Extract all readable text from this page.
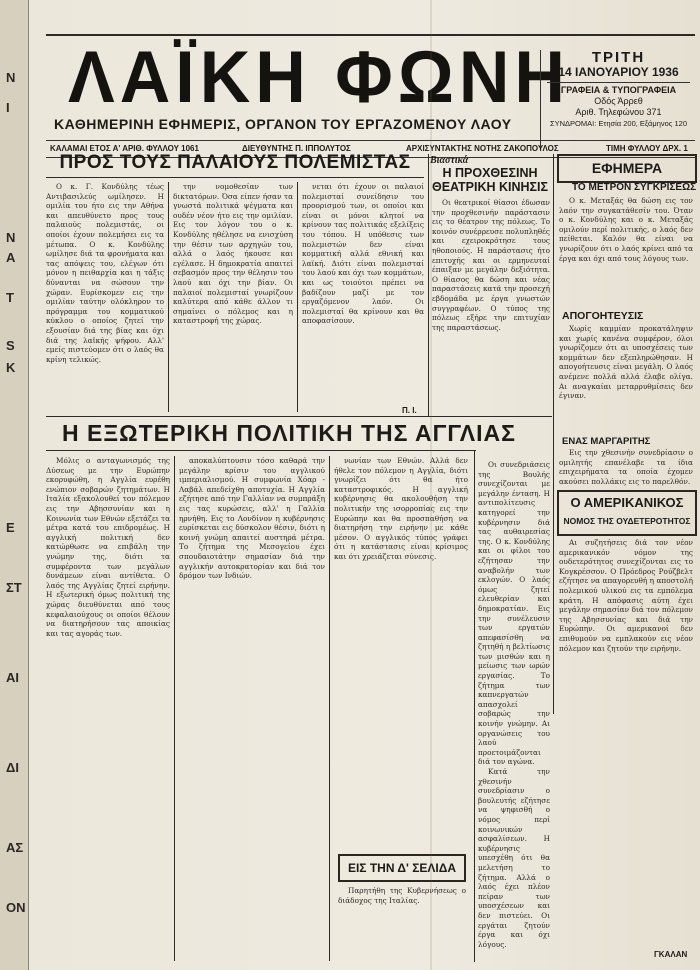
N
I
N
A
T
S
K
Ε
ΣΤ
ΑΙ
ΔΙ
ΑΣ
ΟΝ
ΛΑΪΚΗ ΦΩΝΗ
ΚΑΘΗΜΕΡΙΝΗ ΕΦΗΜΕΡΙΣ, ΟΡΓΑΝΟΝ ΤΟΥ ΕΡΓΑΖΟΜΕΝΟΥ ΛΑΟΥ
ΤΡΙΤΗ
14 ΙΑΝΟΥΑΡΙΟΥ 1936
ΓΡΑΦΕΙΑ & ΤΥΠΟΓΡΑΦΕΙΑ
Οδός Άρρεθ
Αριθ. Τηλεφώνου 371
ΣΥΝΔΡΟΜΑΙ: Ετησία 200, Εξάμηνος 120
ΚΑΛΑΜΑΙ ΕΤΟΣ Α' ΑΡΙΘ. ΦΥΛΛΟΥ 1061	ΔΙΕΥΘΥΝΤΗΣ Π. ΙΠΠΟΛΥΤΟΣ	ΑΡΧΙΣΥΝΤΑΚΤΗΣ ΝΟΤΗΣ ΖΑΚΟΠΟΥΛΟΣ	ΤΙΜΗ ΦΥΛΛΟΥ ΔΡΧ. 1
ΠΡΟΣ ΤΟΥΣ ΠΑΛΑΙΟΥΣ ΠΟΛΕΜΙΣΤΑΣ

Ο κ. Γ. Κονδύλης τέως Αντιβασιλεύς ωμίλησεν. Η ομιλία του ήτο εις την Αθήνα και απευθύνετο προς τους παλαιούς πολεμιστάς, οι οποίοι έχουν πολεμήσει εις τα μέτωπα. Ο κ. Κονδύλης ωμίλησε διά τα φρονήματα και τας απόψεις του, ελέγων ότι μόνον η πειθαρχία και η τάξις δύνανται να σώσουν την χώραν. Ευρίσκομεν εις την ομιλίαν ταύτην ολόκληρον το πρόγραμμα του κομματικού κύκλου ο οποίος ζητεί την εξουσίαν διά της βίας και όχι διά της λαϊκής ψήφου. Αλλ' εμείς πιστεύομεν ότι ο λαός θα κρίνη τελικώς.

την νομοθεσίαν των δικτατόρων. Όσα είπεν ήσαν τα γνωστά πολιτικά ψέγματα και ουδέν νέον ήτο εις την ομιλίαν. Εις τον λόγον του ο κ. Κονδύλης ηθέλησε να ενισχύση την θέσιν των αρχηγών του, αλλά ο λαός ήκουσε και εγέλασε. Η δημοκρατία απαιτεί σεβασμόν προς την θέλησιν του λαού και όχι την βίαν. Οι παλαιοί πολεμισταί γνωρίζουν καλύτερα από κάθε άλλον τι σημαίνει ο πόλεμος και η καταστροφή της χώρας.

νεται ότι έχουν οι παλαιοί πολεμισταί συνείδησιν του προορισμού των, οι οποίοι και είναι οι μόνοι κλητοί να κρίνουν τας πολιτικάς εξελίξεις του τόπου. Η υπόθεσις των πολεμιστών δεν είναι κομματική αλλά εθνική και λαϊκή. Διότι είναι πολεμισταί του λαού και όχι των κομμάτων, και ως τοιούτοι πρέπει να βαδίζουν μαζί με τον εργαζόμενον λαόν. Οι πολεμισταί θα κρίνουν και θα αποφασίσουν.

Π. Ι.
Βιαστικά
Η ΠΡΟΧΘΕΣΙΝΗ ΘΕΑΤΡΙΚΗ ΚΙΝΗΣΙΣ

Οι θεατρικοί θίασοι έδωσαν την προχθεσινήν παράστασιν εις το θέατρον της πόλεως. Το κοινόν συνέρρευσε πολυπληθές και εχειροκρότησε τους ηθοποιούς. Η παράστασις ήτο επιτυχής και οι ερμηνευταί έπαιξαν με μεγάλην δεξιότητα. Ο θίασος θα δώση και νέας παραστάσεις κατά την προσεχή εβδομάδα με έργα γνωστών συγγραφέων. Ο τύπος της πόλεως εξήρε την επιτυχίαν της παραστάσεως.

ΕΦΗΜΕΡΑ
ΤΟ ΜΕΤΡΟΝ ΣΥΓΚΡΙΣΕΩΣ

Ο κ. Μεταξάς θα δώση εις τον λαόν την συγκατάθεσίν του. Όταν ο κ. Κονδύλης και ο κ. Μεταξάς ομιλούν περί πολιτικής, ο λαός δεν πείθεται. Καλόν θα είναι να γνωρίζουν ότι ο λαός κρίνει από τα έργα και όχι από τους λόγους των.

ΑΠΟΓΟΗΤΕΥΣΙΣ

Χωρίς καμμίαν προκατάληψιν και χωρίς κανένα συμφέρον, όλοι γνωρίζομεν ότι αι υποσχέσεις των κομμάτων δεν εξεπληρώθησαν. Η απογοήτευσις είναι μεγάλη. Ο λαός ανέμενε πολλά αλλά έλαβε ολίγα. Αι αναγκαίαι μεταρρυθμίσεις δεν έγιναν.

ΕΝΑΣ ΜΑΡΓΑΡΙΤΗΣ
Η ΕΞΩΤΕΡΙΚΗ ΠΟΛΙΤΙΚΗ ΤΗΣ ΑΓΓΛΙΑΣ

Μόλις ο ανταγωνισμός της Δύσεως με την Ευρώπην εκορυφώθη, η Αγγλία ευρέθη ενώπιον σοβαρών ζητημάτων. Η Ιταλία εξακολουθεί τον πόλεμον εις την Αβησσυνίαν και η Κοινωνία των Εθνών εξετάζει τα μέτρα κατά του επιδρομέως. Η αγγλική πολιτική δεν κατώρθωσε να επιβάλη την γνώμην της, διότι τα συμφέροντα των μεγάλων δυνάμεων είναι αντίθετα. Ο λαός της Αγγλίας ζητεί ειρήνην. Η εξωτερική όμως πολιτική της χώρας διευθύνεται από τους κεφαλαιούχους οι οποίοι θέλουν να διατηρήσουν τας αποικίας και τας αγοράς των.

αποκαλύπτουσιν τόσο καθαρά την μεγάλην κρίσιν του αγγλικού ιμπεριαλισμού. Η συμφωνία Χόαρ - Λαβάλ απεδείχθη αποτυχία. Η Αγγλία εζήτησε από την Γαλλίαν να συμπράξη εις τας κυρώσεις, αλλ' η Γαλλία ηρνήθη. Εις το Λονδίνον η κυβέρνησις ευρίσκεται εις δύσκολον θέσιν, διότι η κοινή γνώμη απαιτεί αυστηρά μέτρα. Το ζήτημα της Μεσογείου έχει σπουδαιοτάτην σημασίαν διά την αγγλικήν αυτοκρατορίαν και διά τον δρόμον των Ινδιών.

νωνίαν των Εθνών. Αλλά δεν ήθελε τον πόλεμον η Αγγλία, διότι γνωρίζει ότι θα ήτο καταστροφικός. Η αγγλική κυβέρνησις θα ακολουθήση την πολιτικήν της ισορροπίας εις την Ευρώπην και θα προσπαθήση να διατηρήση την ειρήνην με κάθε μέσον. Ο αγγλικός τύπος γράφει ότι η κατάστασις είναι κρίσιμος και ότι χρειάζεται σύνεσις.

ΕΙΣ ΤΗΝ Δ' ΣΕΛΙΔΑ

Παρητήθη της Κυβερνήσεως ο διάδοχος της Ιταλίας.

Οι συνεδριάσεις της Βουλής συνεχίζονται με μεγάλην ένταση. Η αντιπολίτευσις κατηγορεί την κυβέρνησιν διά τας αυθαιρεσίας της. Ο κ. Κονδύλης και οι φίλοι του εζήτησαν την αναβολήν των εκλογών. Ο λαός όμως ζητεί ελευθερίαν και δημοκρατίαν. Εις την συνέλευσιν των εργατών απεφασίσθη να ζητηθή η βελτίωσις των μισθών και η μείωσις των ωρών εργασίας. Το ζήτημα των καπνεργατών απασχολεί σοβαρώς την κοινήν γνώμην. Αι οργανώσεις του λαού προετοιμάζονται διά τον αγώνα.

Κατά την χθεσινήν συνεδρίασιν ο βουλευτής εζήτησε να ψηφισθή ο νόμος περί κοινωνικών ασφαλίσεων. Η κυβέρνησις υπεσχέθη ότι θα μελετήση το ζήτημα. Αλλά ο λαός έχει πλέον πείραν των υποσχέσεων και δεν πιστεύει. Οι εργάται ζητούν έργα και όχι λόγους.

Ο ΑΜΕΡΙΚΑΝΙΚΟΣ
ΝΟΜΟΣ ΤΗΣ ΟΥΔΕΤΕΡΟΤΗΤΟΣ

Αι συζητήσεις διά τον νέον αμερικανικόν νόμον της ουδετερότητος συνεχίζονται εις το Κογκρέσσον. Ο Πρόεδρος Ρούζβελτ εζήτησε να απαγορευθή η αποστολή πολεμικού υλικού εις τα εμπόλεμα κράτη. Η απόφασις αύτη έχει μεγάλην σημασίαν διά τον πόλεμον της Αβησσυνίας και διά την Ευρώπην. Οι αμερικανοί δεν επιθυμούν να εμπλακούν εις νέον πόλεμον και ζητούν την ειρήνην.

ΓΚΑΛΑΝ

Εις την χθεσινήν συνεδρίασιν ο ομιλητής επανέλαβε τα ίδια επιχειρήματα τα οποία έχομεν ακούσει πολλάκις εις το παρελθόν.
